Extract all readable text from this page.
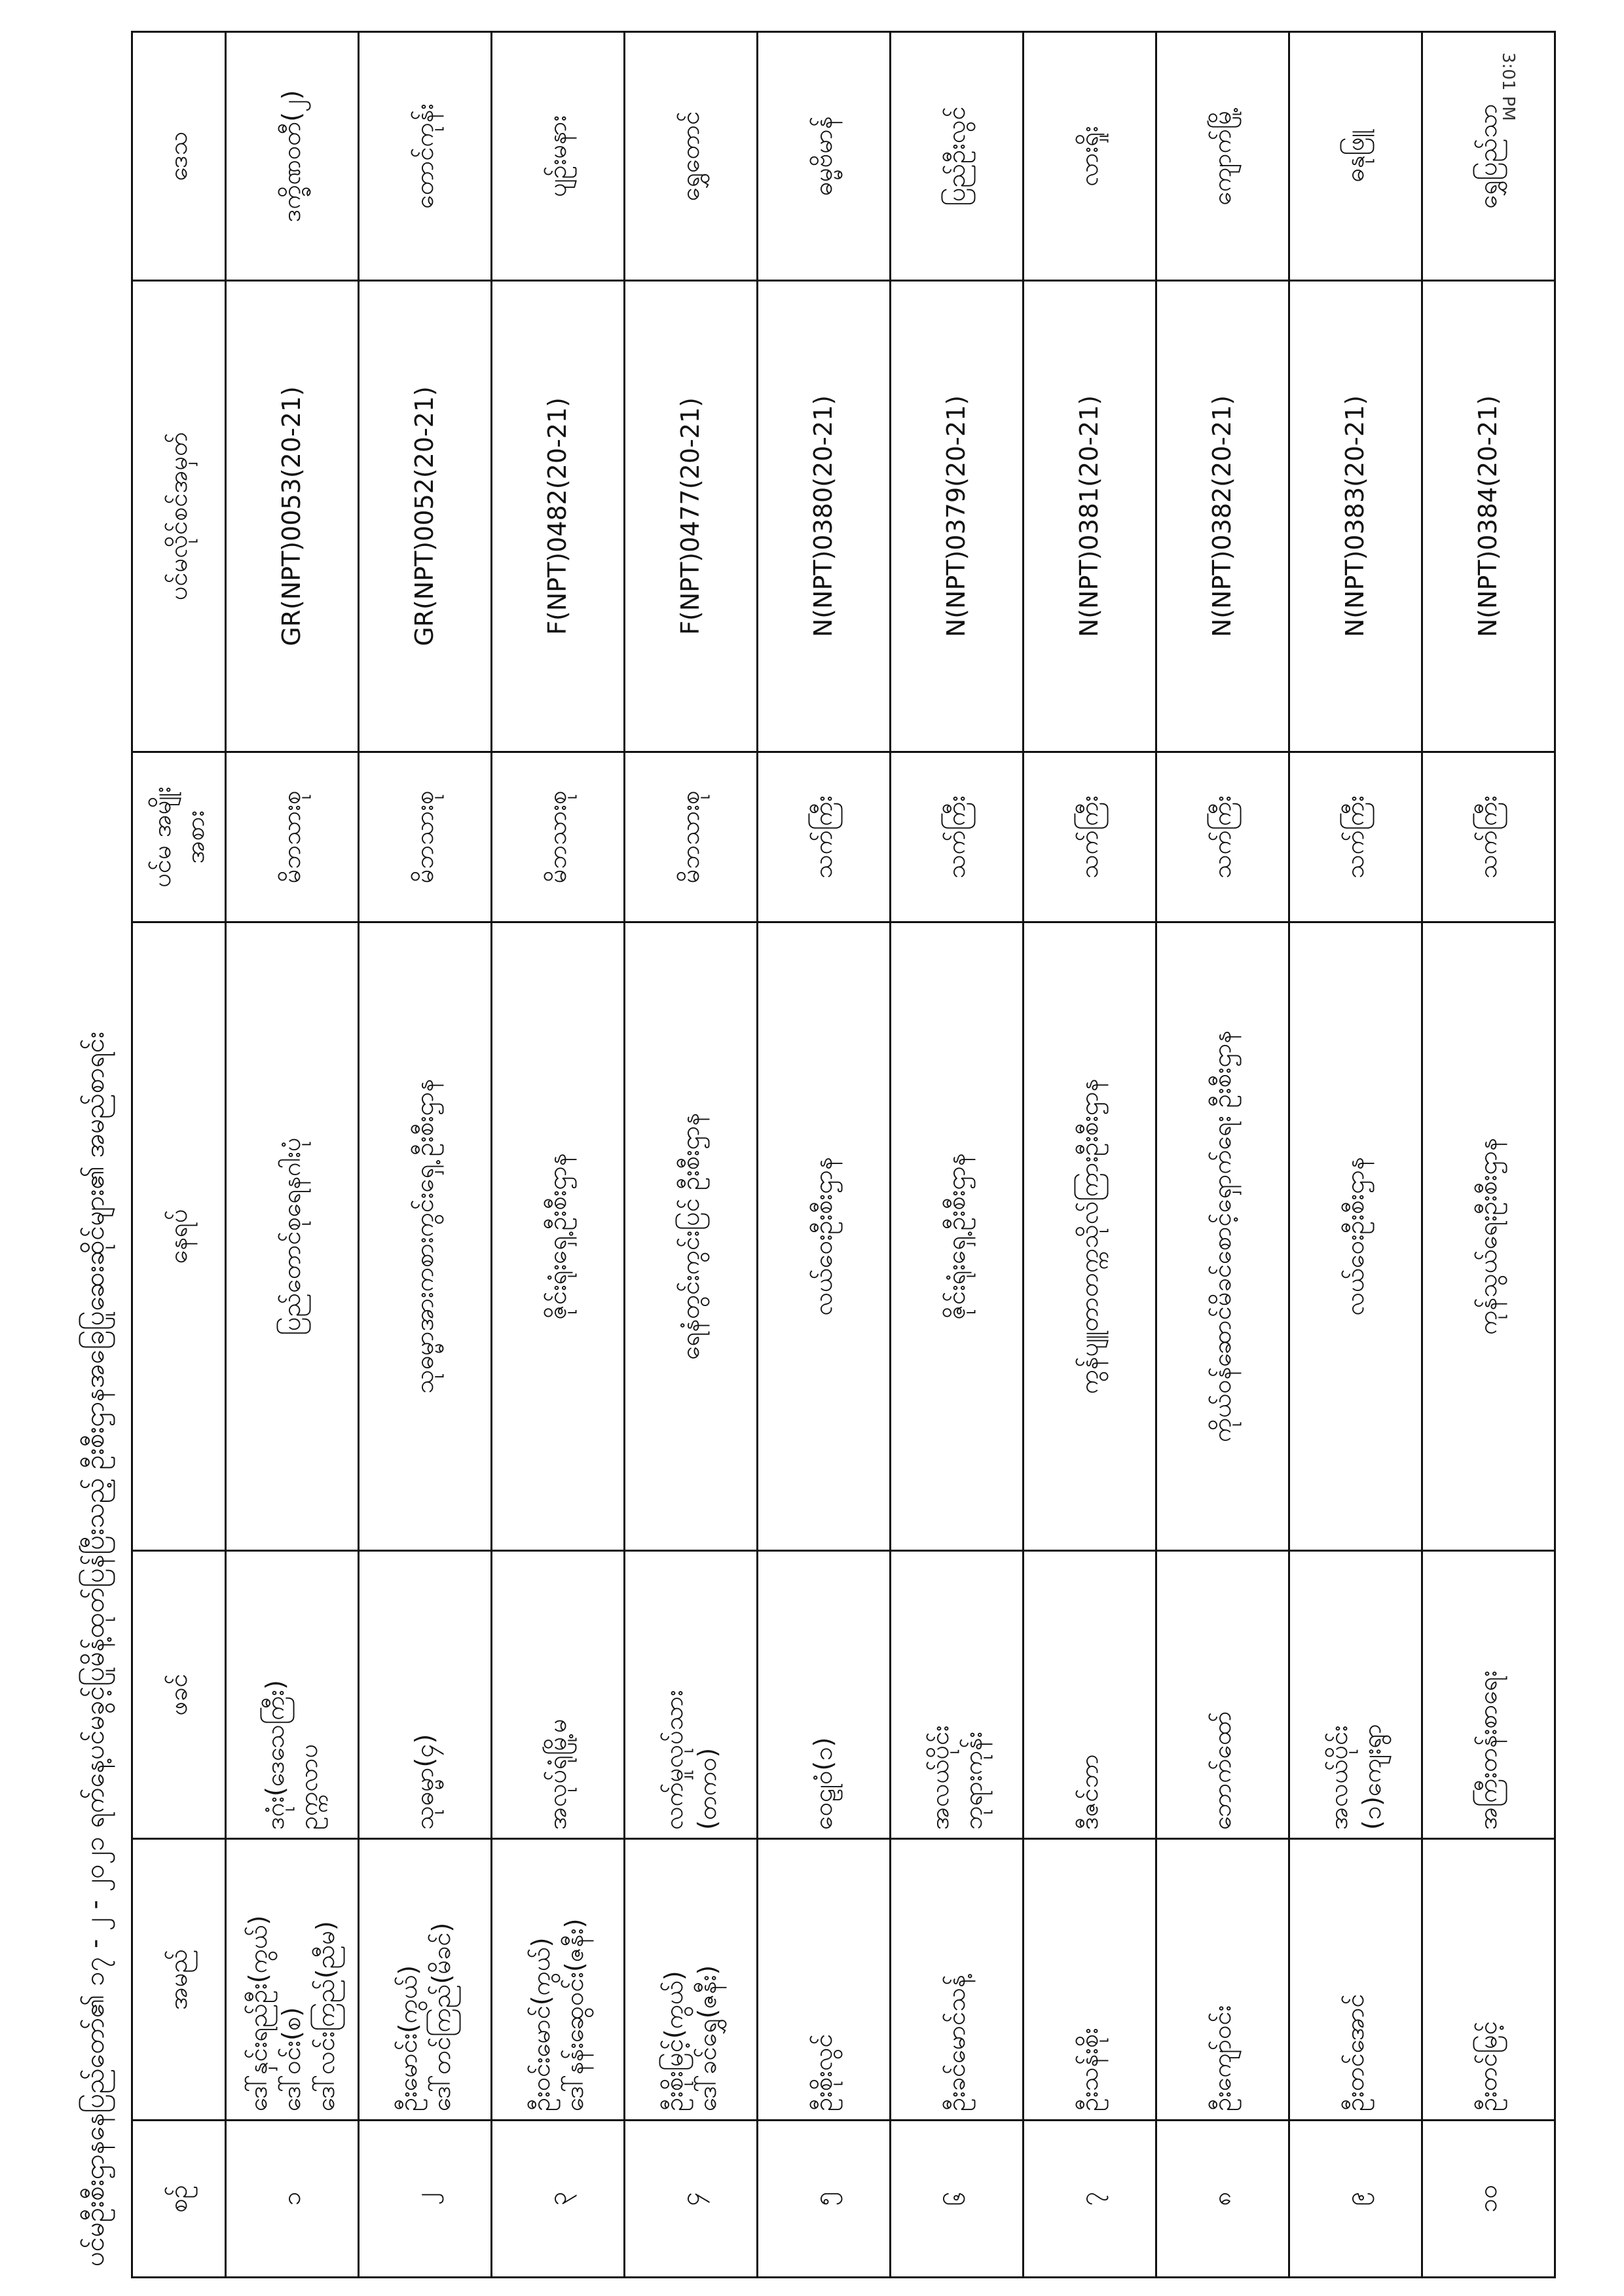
3:01 PM
ပင်မဦးစီးဌာနနေပြည်တော်၏ ၁၇ - ၂ - ၂၀၂၁ ရက်နေ့ပင်မခွင့်ပြုမိန့်ထုတ်ပြန်ပြီးသည့် ဦးစီးဌာနအခြေပြုဆေးဆိုင်များ၏ အမည်စာရင်း	စဉ်	အမည်	ဖခင်	နေရပ်	ပင်မ အမျိုးအစား	ပင်မလိုင်စင်အမှတ်	ဒေသ
၁	ဒေါ်နှင်းရည်ဦး(ကွယ်) ဒေါ်ဝင်း(စ) ဒေါ်လင်းကြည်(ညီမ)	ဒဂုံး(ဒေသေကြီး) ဥက္ကလာပ	ပြည်တောင်စုရေနဂါးပုံ	မိဘသားစု	GR(NPT)0053(20-21)	ဒက္ခိဏဝတီ(၂)
၂	ဦးမောင်း(ကွယ်) ဒေါ်တင်ကြည်(မိခင်)	သုဓမ္မာ(၄)	သုဓမ္မာအားကစားကွင်းရှေ့ ဦးစီးဌာန	မိဘသားစု	GR(NPT)0052(20-21)	တောင်ကုန်း
၃	ဦးဝင်းမောင်(ကွယ်) ဒေါ်နန်းဆွေဝင်း(ဇနီး)	အလုပ်ရုံမြို့မ	ဇိုင်းရုံးရှေ့ဦးစီးဌာန	မိဘသားစု	F(NPT)0482(20-21)	ပျဉ်းမနား
၄	ဦးစိုးမြင့်(ကွယ်) ဒေါ်ခင်ရွှေ(ဇနီး)	လက်မှုလုပ်သား (တကဝ)	ရေနံတွင်းကွင်းပြင် ဦးစီးဌာန	မိဘသားစု	F(NPT)0477(20-21)	ရွှေတောင်
၅	ဦးစိုးလွင်	ဝေဠုဝံ(၁)	လယ်ဝေးဦးစီးဌာန	သက်ကြီး	N(NPT)0380(20-21)	ဓမ္မဗိမာန်
၆	ဦးခင်မောင်သန့်	အလယ်ပိုင်း ဘုရားကုန်း	ဇိုင်းရုံးရှေ့ဦးစီးဌာန	သက်ကြီး	N(NPT)0379(20-21)	ပြည်ဦးလွင်
၇	ဦးသန်းစိုး	ဒီဇင်ဘာ	ကွန်ပျူတာတက္ကသိုလ်ကြားဦးစီးဌာန	သက်ကြီး	N(NPT)0381(20-21)	လားရှိုး
၈	ဦးကျော်ဝင်း	ဘောက်ထော်	ကိုယ်ဝန်ဆောင်မိခင်စောင့်ရှောက်ရေး ဦးစီးဌာန	သက်ကြီး	N(NPT)0382(20-21)	ကျောက်မြို့
၉	ဦးတင်အောင်	အလယ်ပိုင်း (၁)ကျေးရွာ	လယ်ဝေးဦးစီးဌာန	သက်ကြီး	N(NPT)0383(20-21)	ဓနုဖြူ
၁၀	ဦးတင်မြင့်	အကြီးတန်းစာရေး	ကုန်သွယ်ရေးဦးစီးဌာန	သက်ကြီး	N(NPT)0384(20-21)	ရွှေပြည်သာ
